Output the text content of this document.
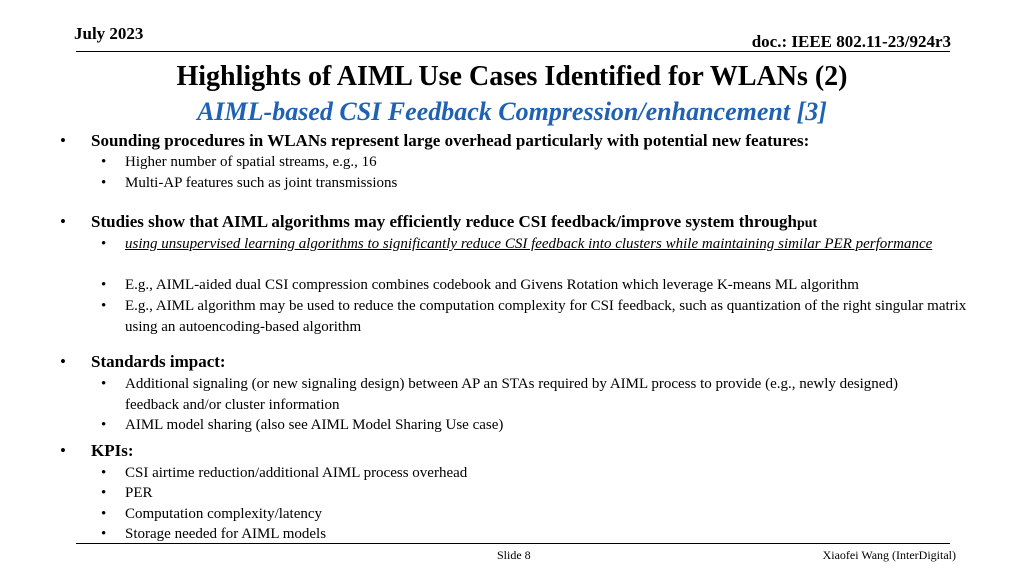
July 2023	doc.: IEEE 802.11-23/924r3
Highlights of AIML Use Cases Identified for WLANs (2)
AIML-based CSI Feedback Compression/enhancement [3]
• Sounding procedures in WLANs represent large overhead particularly with potential new features:
• Higher number of spatial streams, e.g., 16
• Multi-AP features such as joint transmissions
• Studies show that AIML algorithms may efficiently reduce CSI feedback/improve system throughput
• using unsupervised learning algorithms to significantly reduce CSI feedback into clusters while maintaining similar PER performance
• E.g., AIML-aided dual CSI compression combines codebook and Givens Rotation which leverage K-means ML algorithm
• E.g., AIML algorithm may be used to reduce the computation complexity for CSI feedback, such as quantization of the right singular matrix using an autoencoding-based algorithm
• Standards impact:
• Additional signaling (or new signaling design) between AP an STAs required by AIML process to provide (e.g., newly designed) feedback and/or cluster information
• AIML model sharing (also see AIML Model Sharing Use case)
• KPIs:
• CSI airtime reduction/additional AIML process overhead
• PER
• Computation complexity/latency
• Storage needed for AIML models
Slide 8	Xiaofei Wang (InterDigital)
